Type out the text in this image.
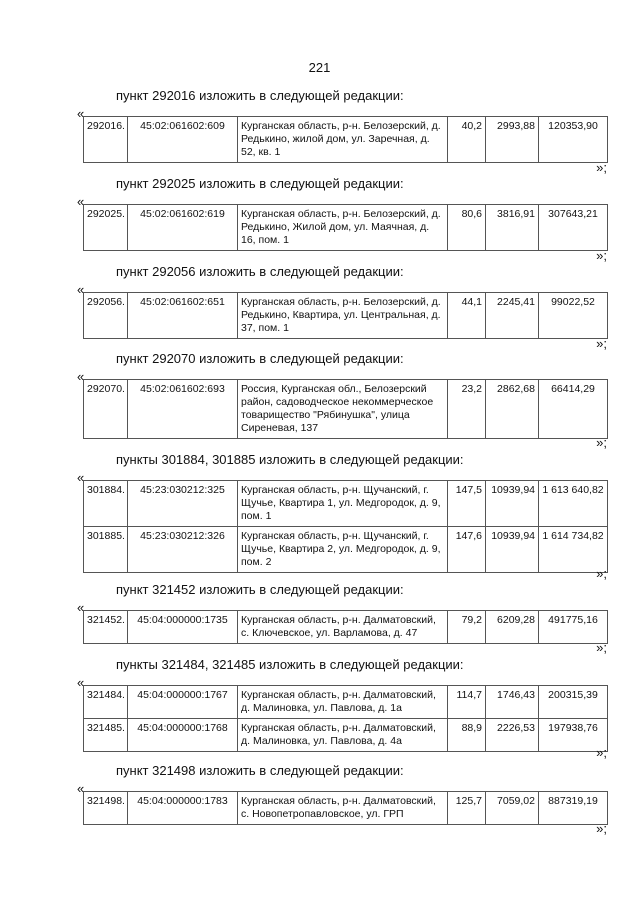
221
пункт 292016 изложить в следующей редакции:
«
292016.	45:02:061602:609	Курганская область, р-н. Белозерский, д. Редькино, жилой дом, ул. Заречная, д. 52, кв. 1	40,2	2993,88	120353,90
»;
пункт 292025 изложить в следующей редакции:
«
292025.	45:02:061602:619	Курганская область, р-н. Белозерский, д. Редькино, Жилой дом, ул. Маячная, д. 16, пом. 1	80,6	3816,91	307643,21
»;
пункт 292056 изложить в следующей редакции:
«
292056.	45:02:061602:651	Курганская область, р-н. Белозерский, д. Редькино, Квартира, ул. Центральная, д. 37, пом. 1	44,1	2245,41	99022,52
»;
пункт 292070 изложить в следующей редакции:
«
292070.	45:02:061602:693	Россия, Курганская обл., Белозерский район, садоводческое некоммерческое товарищество "Рябинушка", улица Сиреневая, 137	23,2	2862,68	66414,29
»;
пункты 301884, 301885 изложить в следующей редакции:
«
301884.	45:23:030212:325	Курганская область, р-н. Щучанский, г. Щучье, Квартира 1, ул. Медгородок, д. 9, пом. 1	147,5	10939,94	1 613 640,82
301885.	45:23:030212:326	Курганская область, р-н. Щучанский, г. Щучье, Квартира 2, ул. Медгородок, д. 9, пом. 2	147,6	10939,94	1 614 734,82
»;
пункт 321452 изложить в следующей редакции:
«
321452.	45:04:000000:1735	Курганская область, р-н. Далматовский, с. Ключевское, ул. Варламова, д. 47	79,2	6209,28	491775,16
»;
пункты 321484, 321485 изложить в следующей редакции:
«
321484.	45:04:000000:1767	Курганская область, р-н. Далматовский, д. Малиновка, ул. Павлова, д. 1а	114,7	1746,43	200315,39
321485.	45:04:000000:1768	Курганская область, р-н. Далматовский, д. Малиновка, ул. Павлова, д. 4а	88,9	2226,53	197938,76
»;
пункт 321498 изложить в следующей редакции:
«
321498.	45:04:000000:1783	Курганская область, р-н. Далматовский, с. Новопетропавловское, ул. ГРП	125,7	7059,02	887319,19
»;
